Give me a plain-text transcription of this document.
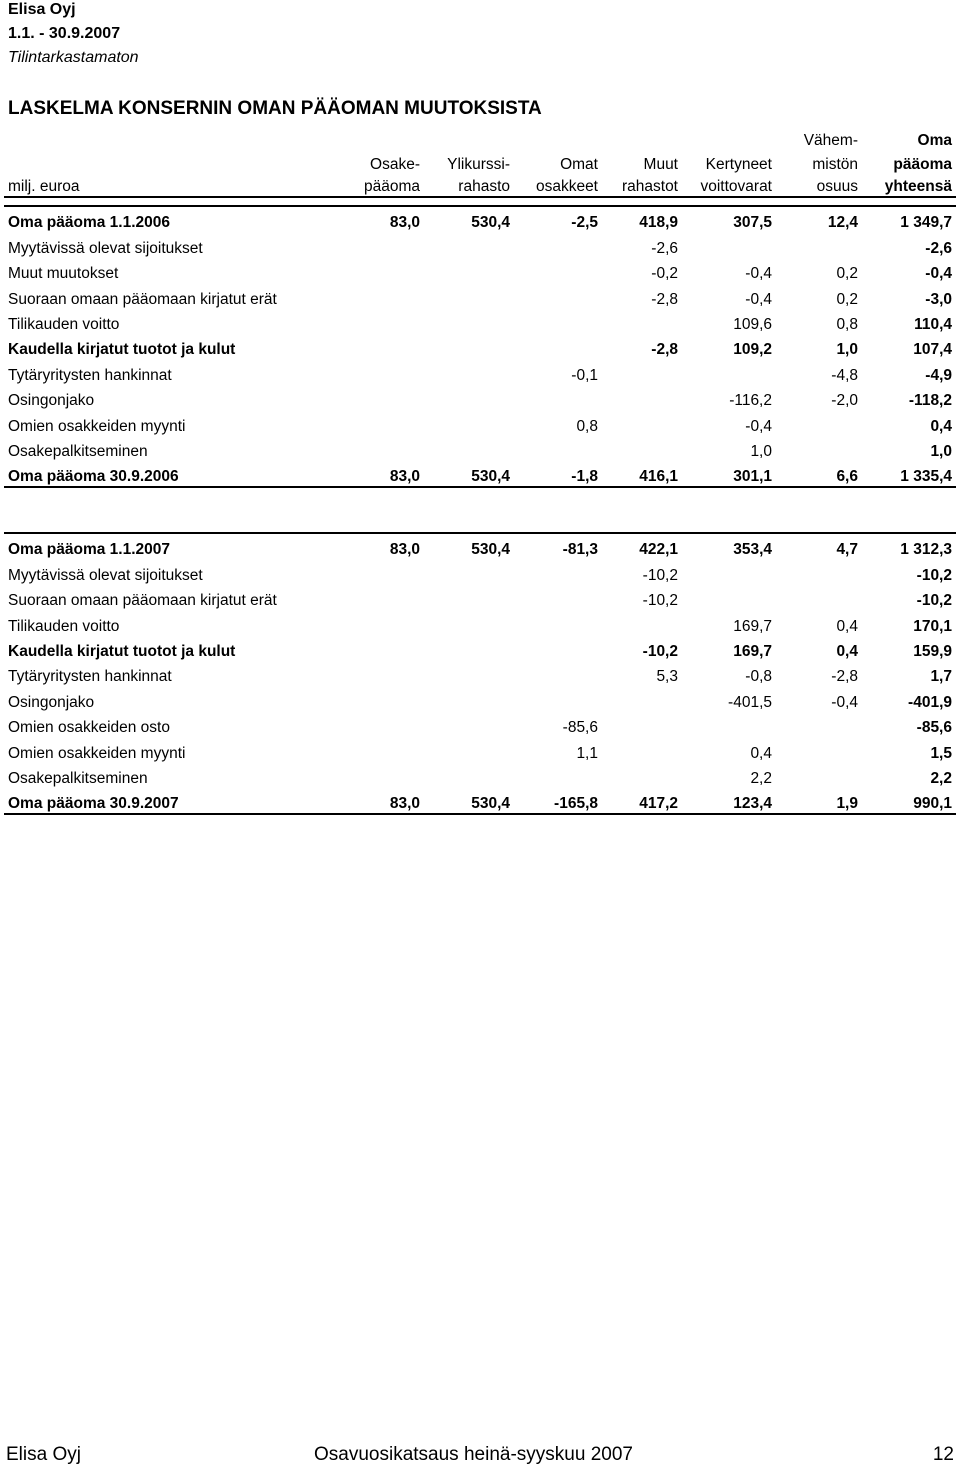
Elisa Oyj
1.1. - 30.9.2007
Tilintarkastamaton
LASKELMA KONSERNIN OMAN PÄÄOMAN MUUTOKSISTA
						Vähem-	Oma
	Osake-	Ylikurssi-	Omat	Muut	Kertyneet	mistön	pääoma
milj. euroa	pääoma	rahasto	osakkeet	rahastot	voittovarat	osuus	yhteensä
Oma pääoma 1.1.2006	83,0	530,4	-2,5	418,9	307,5	12,4	1 349,7
Myytävissä olevat sijoitukset				-2,6			-2,6
Muut muutokset				-0,2	-0,4	0,2	-0,4
Suoraan omaan pääomaan kirjatut erät				-2,8	-0,4	0,2	-3,0
Tilikauden voitto					109,6	0,8	110,4
Kaudella kirjatut tuotot ja kulut				-2,8	109,2	1,0	107,4
Tytäryritysten hankinnat			-0,1			-4,8	-4,9
Osingonjako					-116,2	-2,0	-118,2
Omien osakkeiden myynti			0,8		-0,4		0,4
Osakepalkitseminen					1,0		1,0
Oma pääoma 30.9.2006	83,0	530,4	-1,8	416,1	301,1	6,6	1 335,4
Oma pääoma 1.1.2007	83,0	530,4	-81,3	422,1	353,4	4,7	1 312,3
Myytävissä olevat sijoitukset				-10,2			-10,2
Suoraan omaan pääomaan kirjatut erät				-10,2			-10,2
Tilikauden voitto					169,7	0,4	170,1
Kaudella kirjatut tuotot ja kulut				-10,2	169,7	0,4	159,9
Tytäryritysten hankinnat				5,3	-0,8	-2,8	1,7
Osingonjako					-401,5	-0,4	-401,9
Omien osakkeiden osto			-85,6				-85,6
Omien osakkeiden myynti			1,1		0,4		1,5
Osakepalkitseminen					2,2		2,2
Oma pääoma 30.9.2007	83,0	530,4	-165,8	417,2	123,4	1,9	990,1
Elisa Oyj	Osavuosikatsaus heinä-syyskuu 2007	12
